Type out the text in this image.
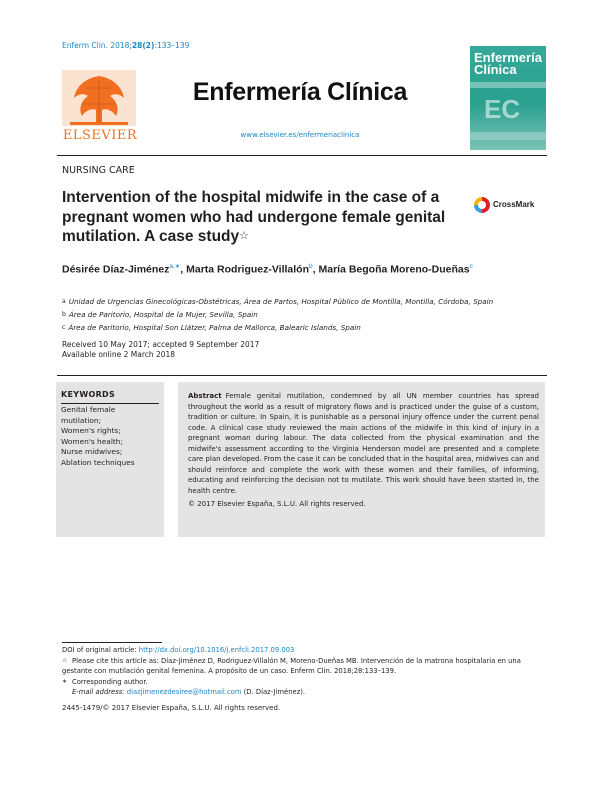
Enferm Clin. 2018;28(2):133–139
ELSEVIER
Enfermería Clínica
www.elsevier.es/enfermeriaclinica
Enfermería
Clínica
EC
NURSING CARE
Intervention of the hospital midwife in the case of a pregnant women who had undergone female genital mutilation. A case study☆
CrossMark
Désirée Díaz-Jiménez$^{a,∗}$, Marta Rodriguez-Villalón$^b$, María Begoña Moreno-Dueñas$^c$
$^a$ Unidad de Urgencias Ginecológicas-Obstétricas, Área de Partos, Hospital Público de Montilla, Montilla, Córdoba, Spain
$^b$ Área de Paritorio, Hospital de la Mujer, Sevilla, Spain
$^c$ Área de Paritorio, Hospital Son Llátzer, Palma de Mallorca, Balearic Islands, Spain
Received 10 May 2017; accepted 9 September 2017
Available online 2 March 2018
KEYWORDS
Genital female
mutilation;
Women's rights;
Women's health;
Nurse midwives;
Ablation techniques
Abstract Female genital mutilation, condemned by all UN member countries has spread throughout the world as a result of migratory flows and is practiced under the guise of a custom, tradition or culture. In Spain, it is punishable as a personal injury offence under the current penal code. A clinical case study reviewed the main actions of the midwife in this kind of injury in a pregnant woman during labour. The data collected from the physical examination and the midwife's assessment according to the Virginia Henderson model are presented and a complete care plan developed. From the case it can be concluded that in the hospital area, midwives can and should reinforce and complete the work with these women and their families, of informing, educating and reinforcing the decision not to mutilate. This work should have been started in, the health centre.
© 2017 Elsevier España, S.L.U. All rights reserved.
DOI of original article: http://dx.doi.org/10.1016/j.enfcli.2017.09.003
☆ Please cite this article as: Díaz-Jiménez D, Rodriguez-Villalón M, Moreno-Dueñas MB. Intervención de la matrona hospitalaria en una gestante con mutilación genital femenina. A propósito de un caso. Enferm Clin. 2018;28:133–139.
∗ Corresponding author.
E-mail address: diazjimenezdesiree@hotmail.com (D. Díaz-Jiménez).
2445-1479/© 2017 Elsevier España, S.L.U. All rights reserved.
